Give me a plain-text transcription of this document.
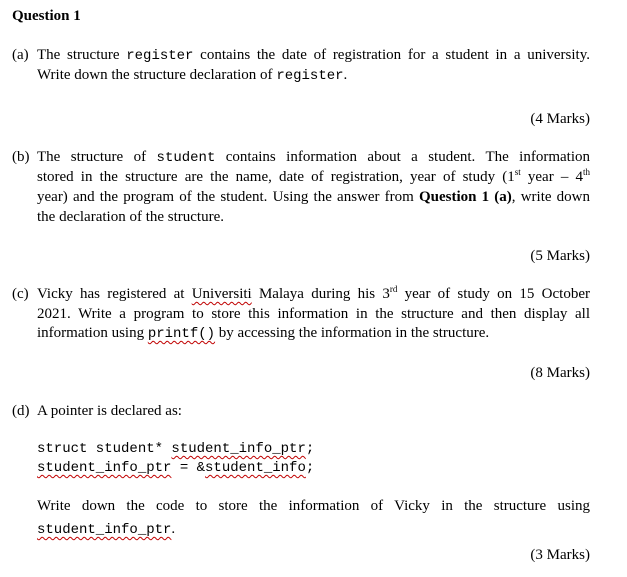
Question 1
(a) The structure register contains the date of registration for a student in a university.
Write down the structure declaration of register.
(4 Marks)
(b) The structure of student contains information about a student. The information
stored in the structure are the name, date of registration, year of study (1st year – 4th
year) and the program of the student. Using the answer from Question 1 (a), write down
the declaration of the structure.
(5 Marks)
(c) Vicky has registered at Universiti Malaya during his 3rd year of study on 15 October
2021. Write a program to store this information in the structure and then display all
information using printf() by accessing the information in the structure.
(8 Marks)
(d) A pointer is declared as:
struct student* student_info_ptr;
student_info_ptr = &student_info;
Write down the code to store the information of Vicky in the structure using
student_info_ptr.
(3 Marks)
